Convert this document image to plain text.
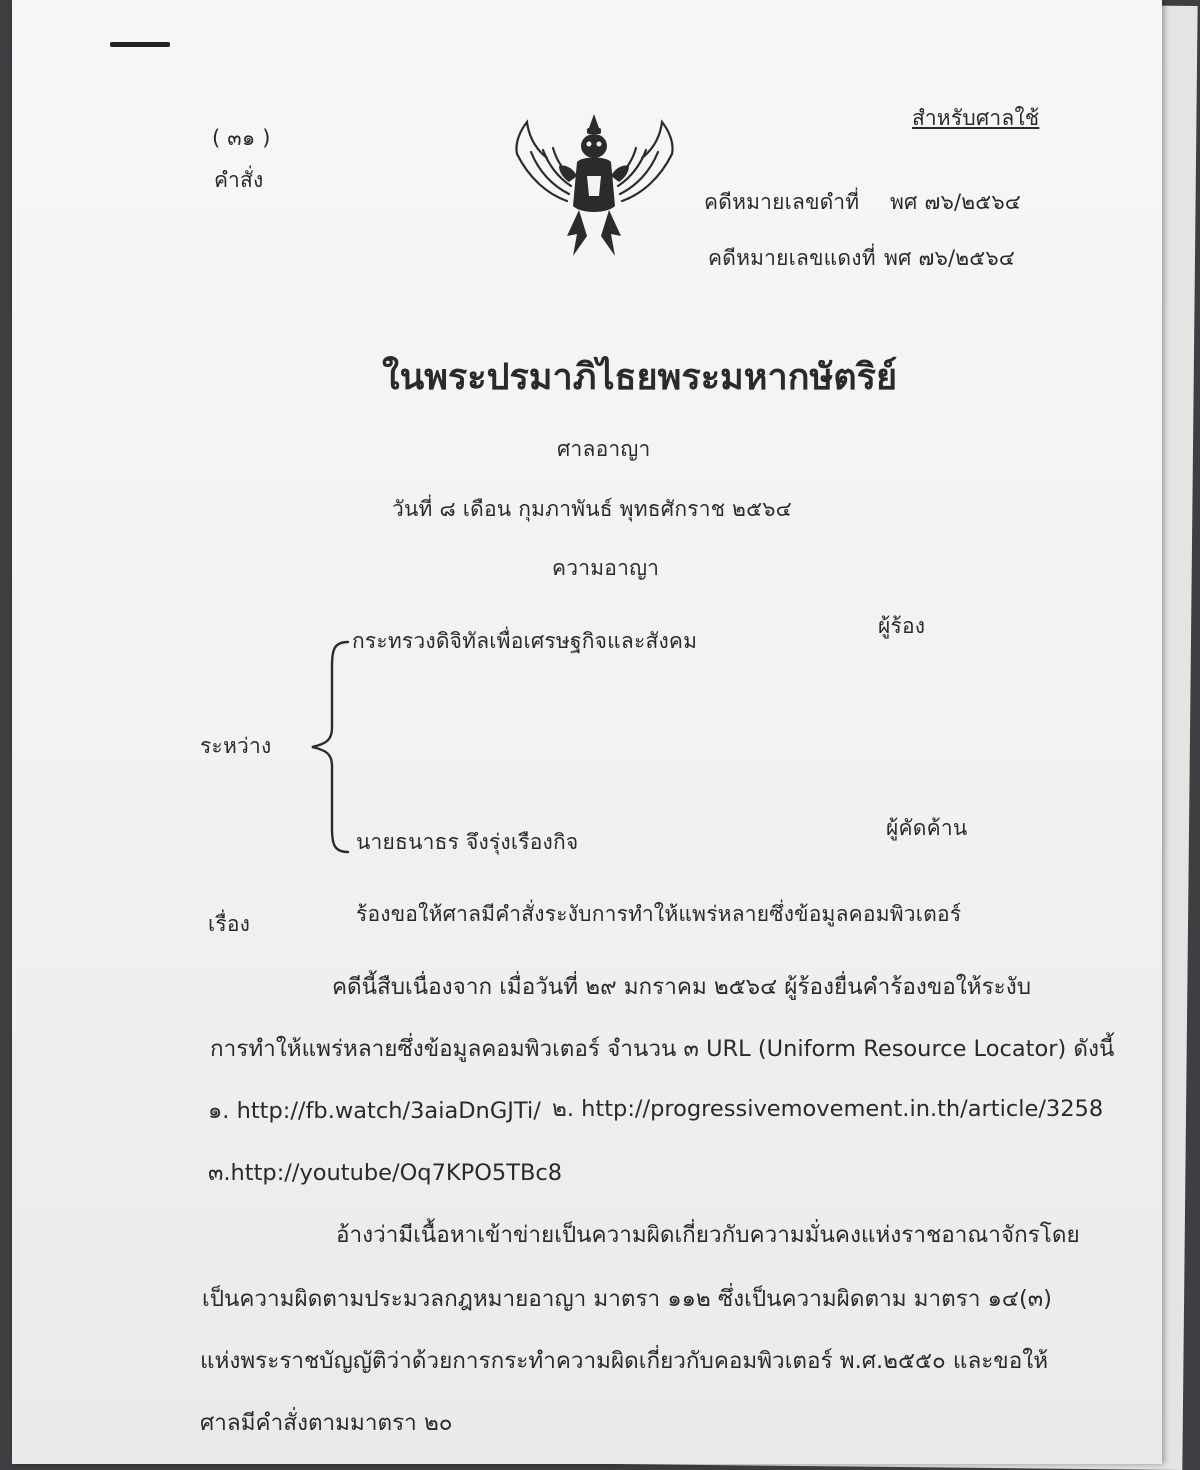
( ๓๑ )
คำสั่ง
สำหรับศาลใช้
คดีหมายเลขดำที่ พศ ๗๖/๒๕๖๔
คดีหมายเลขแดงที่ พศ ๗๖/๒๕๖๔
ในพระปรมาภิไธยพระมหากษัตริย์
ศาลอาญา
วันที่ ๘ เดือน กุมภาพันธ์ พุทธศักราช ๒๕๖๔
ความอาญา
กระทรวงดิจิทัลเพื่อเศรษฐกิจและสังคม
ผู้ร้อง
ระหว่าง
นายธนาธร จึงรุ่งเรืองกิจ
ผู้คัดค้าน
เรื่อง	ร้องขอให้ศาลมีคำสั่งระงับการทำให้แพร่หลายซึ่งข้อมูลคอมพิวเตอร์
คดีนี้สืบเนื่องจาก เมื่อวันที่ ๒๙ มกราคม ๒๕๖๔ ผู้ร้องยื่นคำร้องขอให้ระงับ
การทำให้แพร่หลายซึ่งข้อมูลคอมพิวเตอร์ จำนวน ๓ URL (Uniform Resource Locator) ดังนี้
๑. http://fb.watch/3aiaDnGJTi/ ๒. http://progressivemovement.in.th/article/3258
๓.http://youtube/Oq7KPO5TBc8
อ้างว่ามีเนื้อหาเข้าข่ายเป็นความผิดเกี่ยวกับความมั่นคงแห่งราชอาณาจักรโดย
เป็นความผิดตามประมวลกฎหมายอาญา มาตรา ๑๑๒ ซึ่งเป็นความผิดตาม มาตรา ๑๔(๓)
แห่งพระราชบัญญัติว่าด้วยการกระทำความผิดเกี่ยวกับคอมพิวเตอร์ พ.ศ.๒๕๕๐ และขอให้
ศาลมีคำสั่งตามมาตรา ๒๐
